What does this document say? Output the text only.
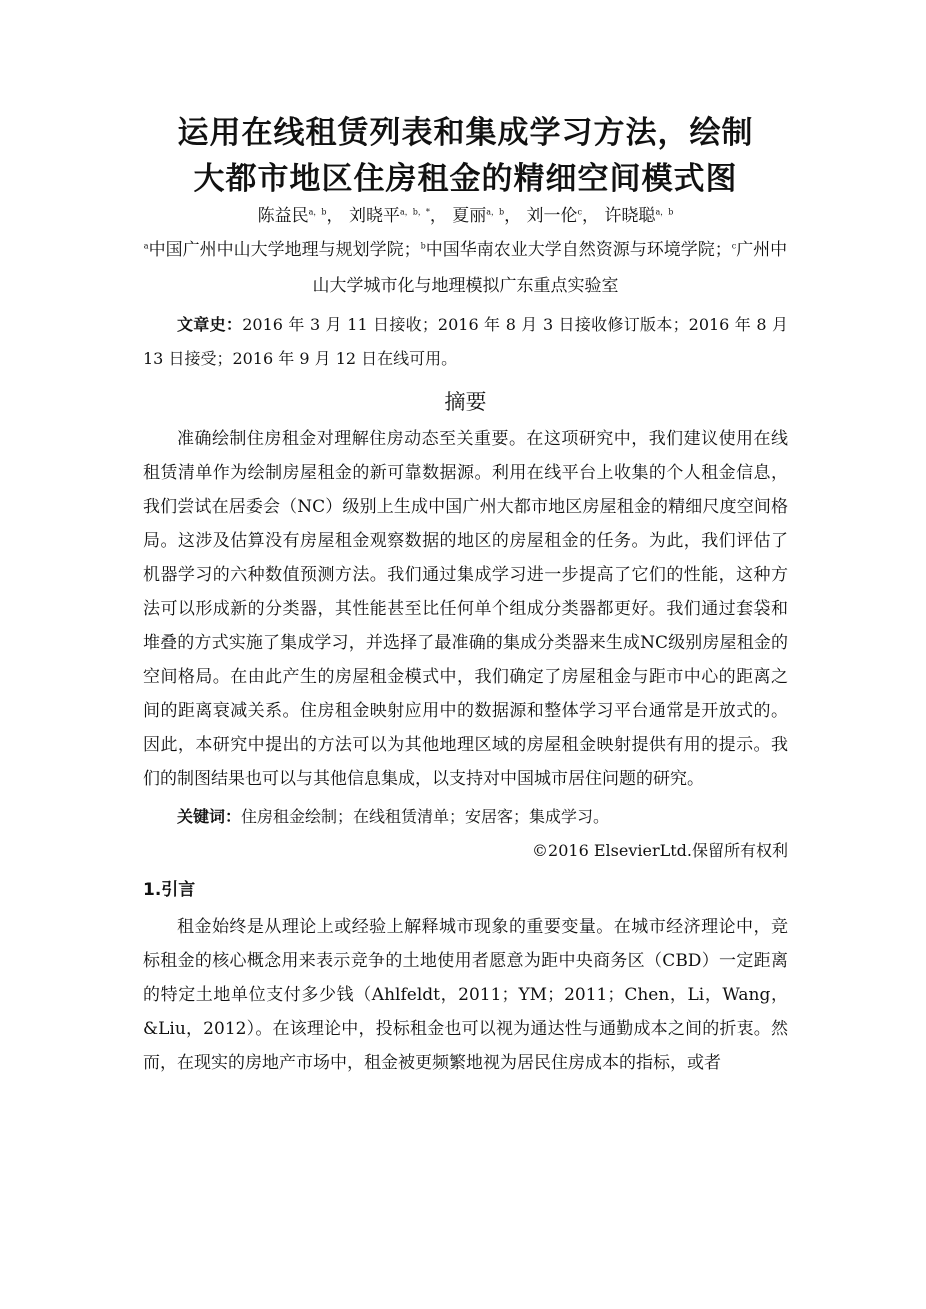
运用在线租赁列表和集成学习方法，绘制
大都市地区住房租金的精细空间模式图
陈益民$^{a,b}$， 刘晓平$^{a,b,*}$， 夏丽$^{a,b}$， 刘一伦$^c$， 许晓聪$^{a,b}$
$^a$中国广州中山大学地理与规划学院；$^b$中国华南农业大学自然资源与环境学院；$^c$广州中山大学城市化与地理模拟广东重点实验室
文章史：2016 年 3 月 11 日接收；2016 年 8 月 3 日接收修订版本；2016 年 8 月 13 日接受；2016 年 9 月 12 日在线可用。
摘要

准确绘制住房租金对理解住房动态至关重要。在这项研究中，我们建议使用在线租赁清单作为绘制房屋租金的新可靠数据源。利用在线平台上收集的个人租金信息，我们尝试在居委会（NC）级别上生成中国广州大都市地区房屋租金的精细尺度空间格局。这涉及估算没有房屋租金观察数据的地区的房屋租金的任务。为此，我们评估了机器学习的六种数值预测方法。我们通过集成学习进一步提高了它们的性能，这种方法可以形成新的分类器，其性能甚至比任何单个组成分类器都更好。我们通过套袋和堆叠的方式实施了集成学习，并选择了最准确的集成分类器来生成NC级别房屋租金的空间格局。在由此产生的房屋租金模式中，我们确定了房屋租金与距市中心的距离之间的距离衰减关系。住房租金映射应用中的数据源和整体学习平台通常是开放式的。因此，本研究中提出的方法可以为其他地理区域的房屋租金映射提供有用的提示。我们的制图结果也可以与其他信息集成，以支持对中国城市居住问题的研究。

关键词：住房租金绘制；在线租赁清单；安居客；集成学习。
©2016 ElsevierLtd.保留所有权利
1.引言

租金始终是从理论上或经验上解释城市现象的重要变量。在城市经济理论中，竞标租金的核心概念用来表示竞争的土地使用者愿意为距中央商务区（CBD）一定距离的特定土地单位支付多少钱（Ahlfeldt，2011；YM；2011；Chen，Li，Wang，&Liu，2012）。在该理论中，投标租金也可以视为通达性与通勤成本之间的折衷。然而，在现实的房地产市场中，租金被更频繁地视为居民住房成本的指标，或者
